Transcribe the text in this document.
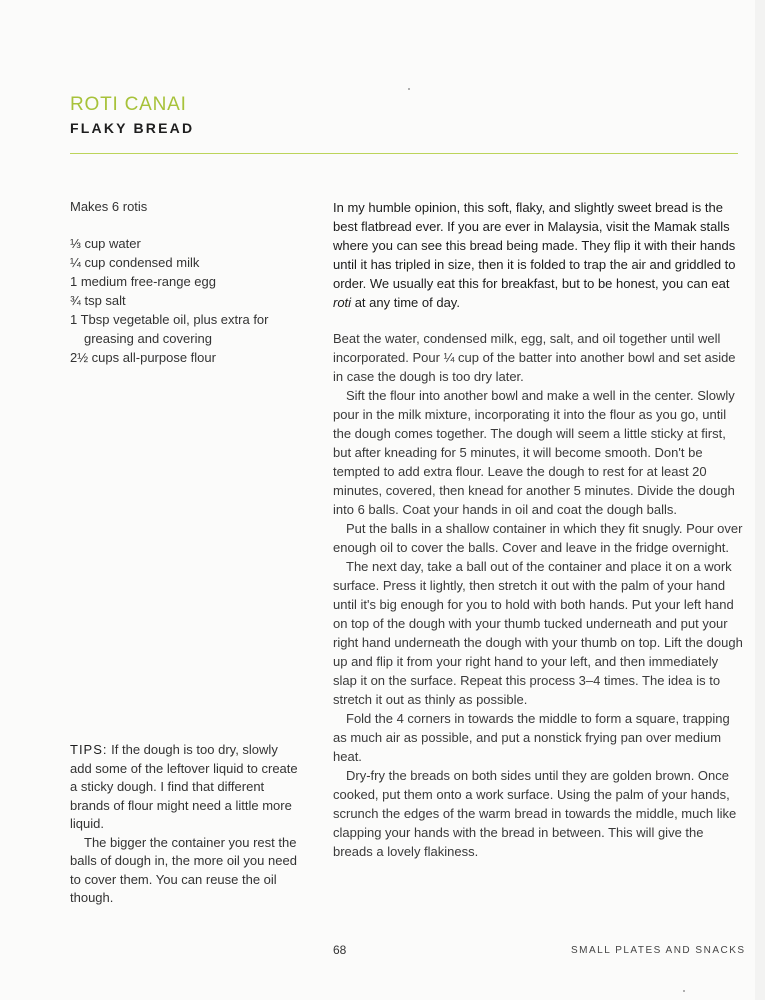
ROTI CANAI
FLAKY BREAD
Makes 6 rotis
⅓ cup water
¼ cup condensed milk
1 medium free-range egg
¾ tsp salt
1 Tbsp vegetable oil, plus extra for greasing and covering
2½ cups all-purpose flour

TIPS: If the dough is too dry, slowly add some of the leftover liquid to create a sticky dough. I find that different brands of flour might need a little more liquid.

The bigger the container you rest the balls of dough in, the more oil you need to cover them. You can reuse the oil though.

In my humble opinion, this soft, flaky, and slightly sweet bread is the best flatbread ever. If you are ever in Malaysia, visit the Mamak stalls where you can see this bread being made. They flip it with their hands until it has tripled in size, then it is folded to trap the air and griddled to order. We usually eat this for breakfast, but to be honest, you can eat roti at any time of day.

Beat the water, condensed milk, egg, salt, and oil together until well incorporated. Pour ¼ cup of the batter into another bowl and set aside in case the dough is too dry later.

Sift the flour into another bowl and make a well in the center. Slowly pour in the milk mixture, incorporating it into the flour as you go, until the dough comes together. The dough will seem a little sticky at first, but after kneading for 5 minutes, it will become smooth. Don't be tempted to add extra flour. Leave the dough to rest for at least 20 minutes, covered, then knead for another 5 minutes. Divide the dough into 6 balls. Coat your hands in oil and coat the dough balls.

Put the balls in a shallow container in which they fit snugly. Pour over enough oil to cover the balls. Cover and leave in the fridge overnight.

The next day, take a ball out of the container and place it on a work surface. Press it lightly, then stretch it out with the palm of your hand until it's big enough for you to hold with both hands. Put your left hand on top of the dough with your thumb tucked underneath and put your right hand underneath the dough with your thumb on top. Lift the dough up and flip it from your right hand to your left, and then immediately slap it on the surface. Repeat this process 3–4 times. The idea is to stretch it out as thinly as possible.

Fold the 4 corners in towards the middle to form a square, trapping as much air as possible, and put a nonstick frying pan over medium heat.

Dry-fry the breads on both sides until they are golden brown. Once cooked, put them onto a work surface. Using the palm of your hands, scrunch the edges of the warm bread in towards the middle, much like clapping your hands with the bread in between. This will give the breads a lovely flakiness.

68	SMALL PLATES AND SNACKS
